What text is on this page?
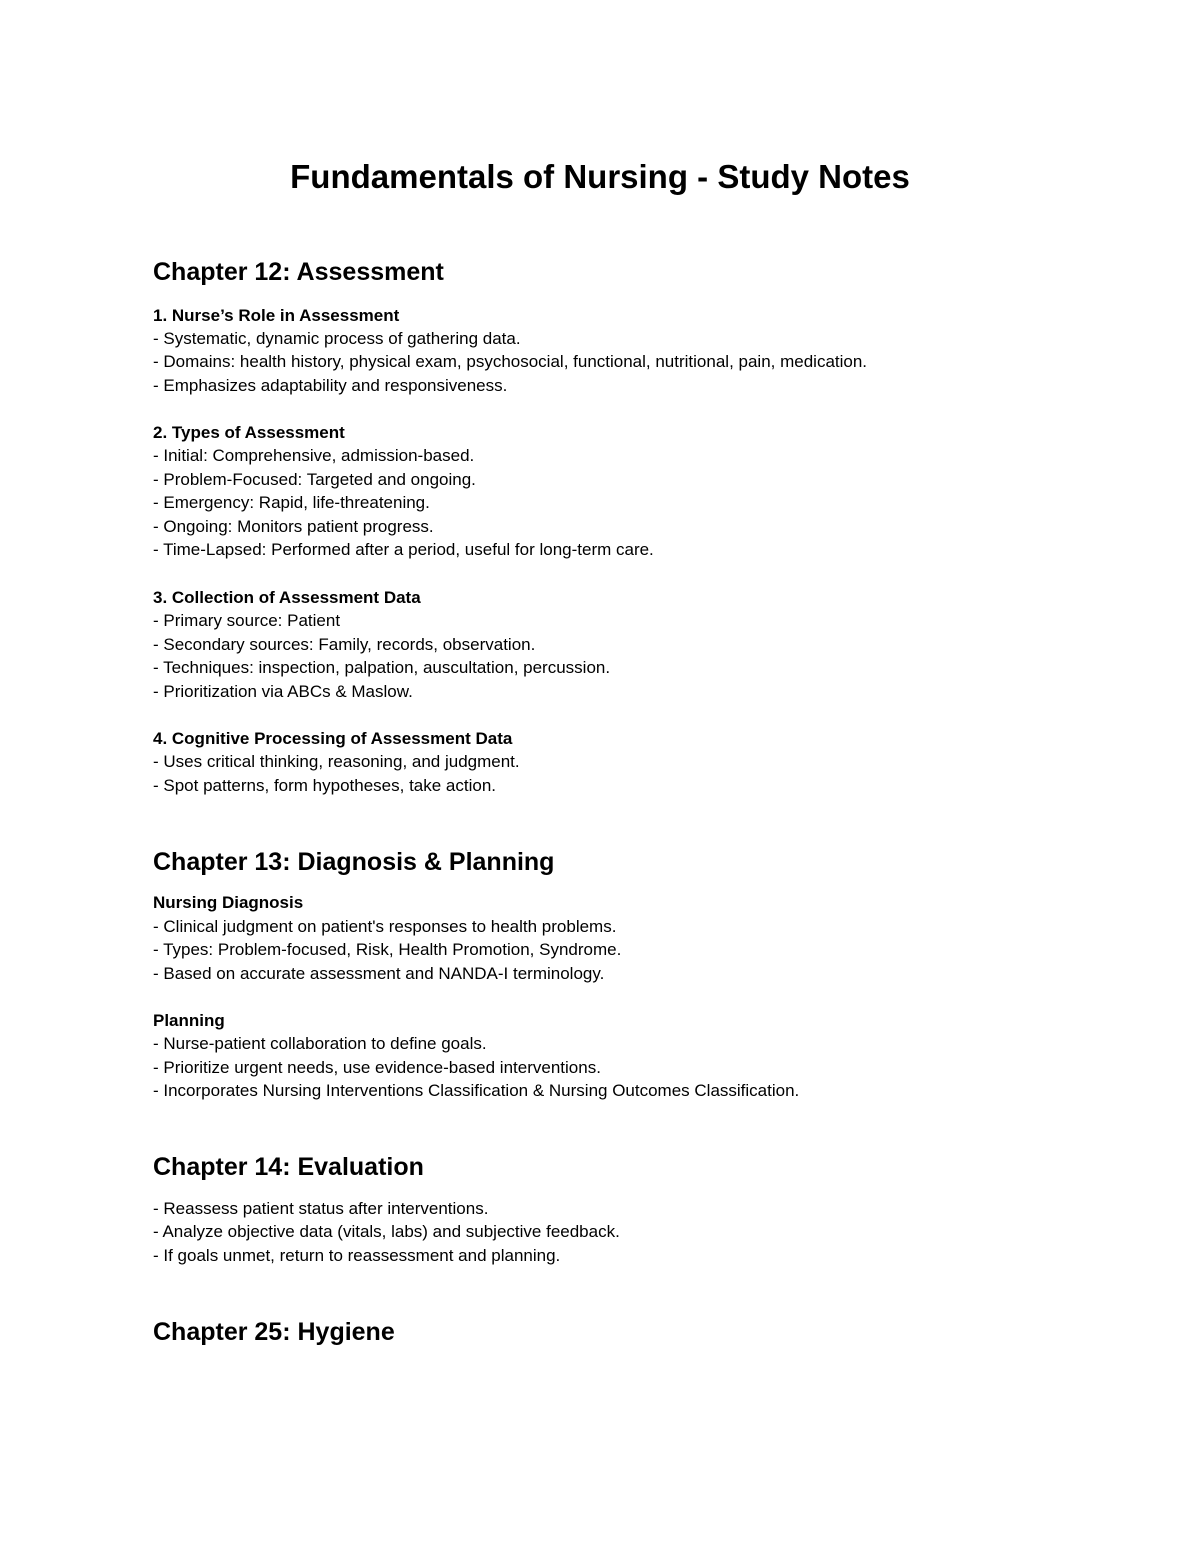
Fundamentals of Nursing - Study Notes
Chapter 12: Assessment
1. Nurse’s Role in Assessment
- Systematic, dynamic process of gathering data.
- Domains: health history, physical exam, psychosocial, functional, nutritional, pain, medication.
- Emphasizes adaptability and responsiveness.
2. Types of Assessment
- Initial: Comprehensive, admission-based.
- Problem-Focused: Targeted and ongoing.
- Emergency: Rapid, life-threatening.
- Ongoing: Monitors patient progress.
- Time-Lapsed: Performed after a period, useful for long-term care.
3. Collection of Assessment Data
- Primary source: Patient
- Secondary sources: Family, records, observation.
- Techniques: inspection, palpation, auscultation, percussion.
- Prioritization via ABCs & Maslow.
4. Cognitive Processing of Assessment Data
- Uses critical thinking, reasoning, and judgment.
- Spot patterns, form hypotheses, take action.
Chapter 13: Diagnosis & Planning
Nursing Diagnosis
- Clinical judgment on patient's responses to health problems.
- Types: Problem-focused, Risk, Health Promotion, Syndrome.
- Based on accurate assessment and NANDA-I terminology.
Planning
- Nurse-patient collaboration to define goals.
- Prioritize urgent needs, use evidence-based interventions.
- Incorporates Nursing Interventions Classification & Nursing Outcomes Classification.
Chapter 14: Evaluation
- Reassess patient status after interventions.
- Analyze objective data (vitals, labs) and subjective feedback.
- If goals unmet, return to reassessment and planning.
Chapter 25: Hygiene
